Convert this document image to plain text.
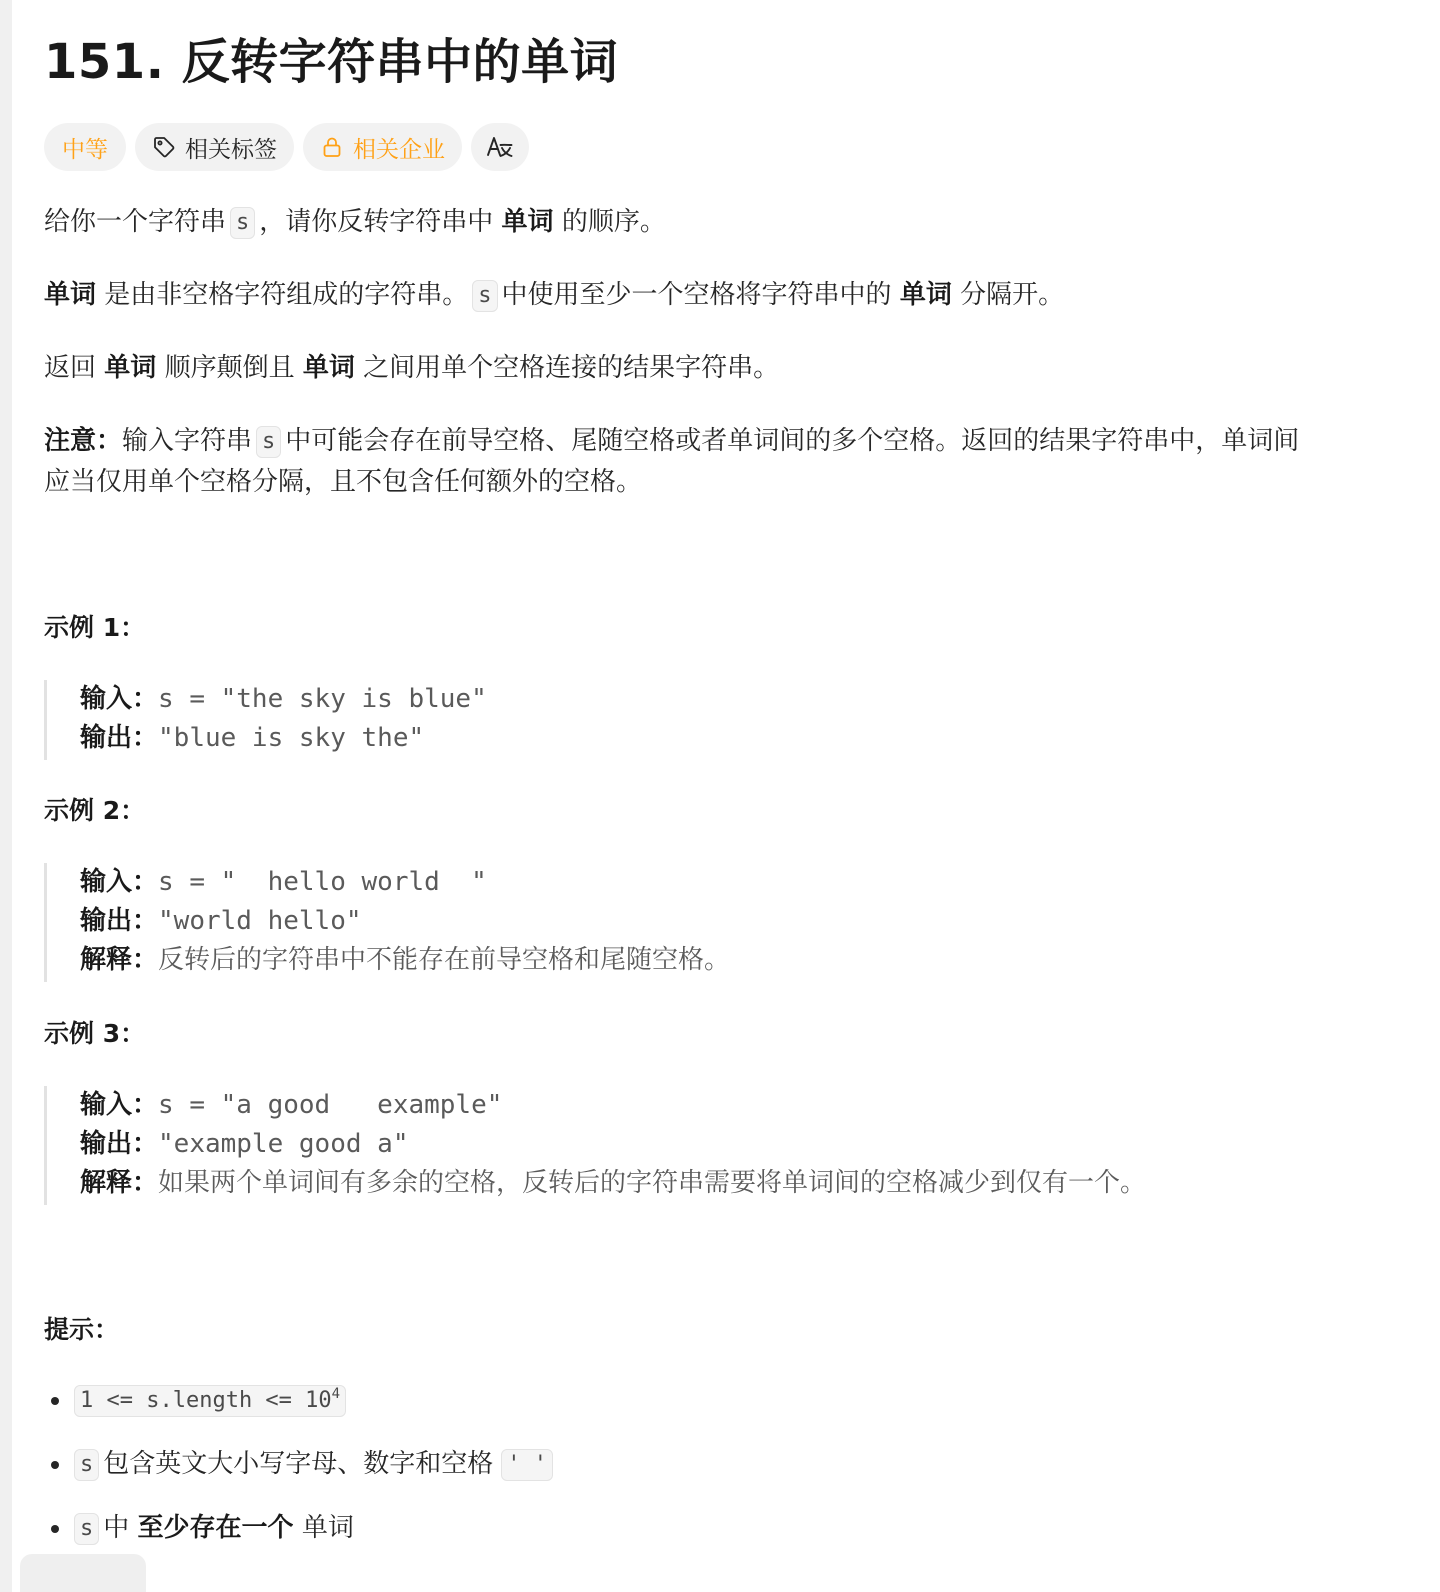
151. 反转字符串中的单词
中等	相关标签	相关企业
给你一个字符串 s ，请你反转字符串中 单词 的顺序。
单词 是由非空格字符组成的字符串。 s 中使用至少一个空格将字符串中的 单词 分隔开。
返回 单词 顺序颠倒且 单词 之间用单个空格连接的结果字符串。
注意：输入字符串 s 中可能会存在前导空格、尾随空格或者单词间的多个空格。返回的结果字符串中，单词间
应当仅用单个空格分隔，且不包含任何额外的空格。
示例 1：
输入：s = "the sky is blue"
输出："blue is sky the"
示例 2：
输入：s = "  hello world  "
输出："world hello"
解释：反转后的字符串中不能存在前导空格和尾随空格。
示例 3：
输入：s = "a good   example"
输出："example good a"
解释：如果两个单词间有多余的空格，反转后的字符串需要将单词间的空格减少到仅有一个。
提示：
1 <= s.length <= $10^4$
s 包含英文大小写字母、数字和空格 ' '
s 中 至少存在一个 单词
